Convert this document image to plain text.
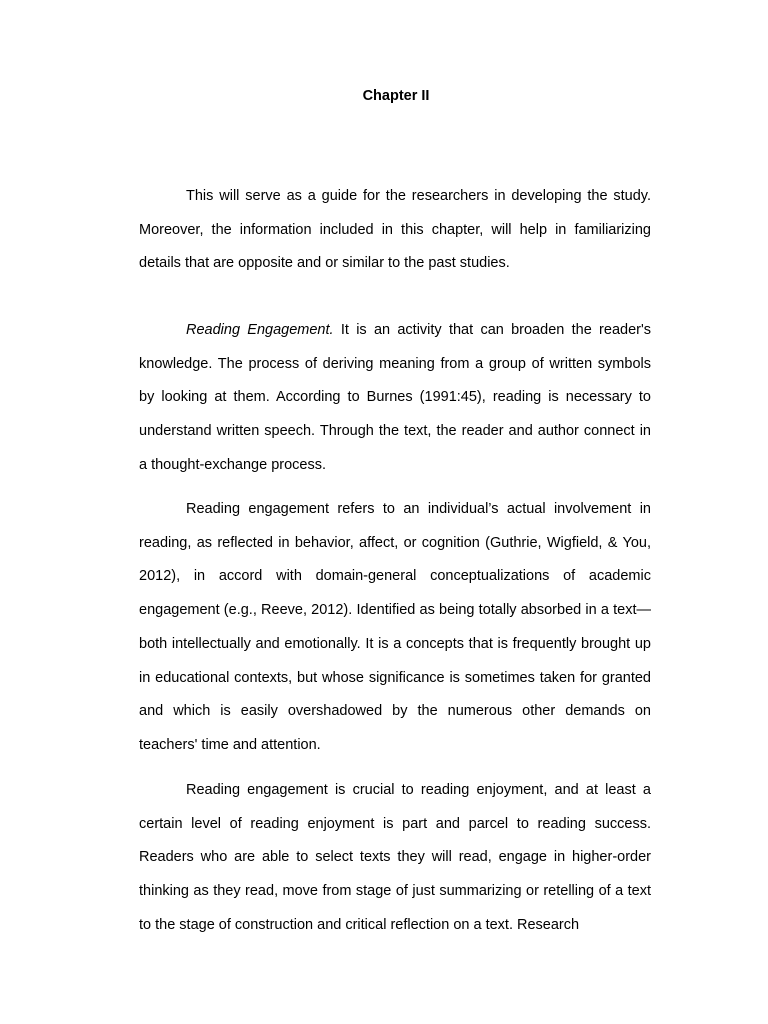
Chapter II

This will serve as a guide for the researchers in developing the study. Moreover, the information included in this chapter, will help in familiarizing details that are opposite and or similar to the past studies.

Reading Engagement. It is an activity that can broaden the reader's knowledge. The process of deriving meaning from a group of written symbols by looking at them. According to Burnes (1991:45), reading is necessary to understand written speech. Through the text, the reader and author connect in a thought-exchange process.

Reading engagement refers to an individual’s actual involvement in reading, as reflected in behavior, affect, or cognition (Guthrie, Wigfield, & You, 2012), in accord with domain-general conceptualizations of academic engagement (e.g., Reeve, 2012). Identified as being totally absorbed in a text—both intellectually and emotionally. It is a concepts that is frequently brought up in educational contexts, but whose significance is sometimes taken for granted and which is easily overshadowed by the numerous other demands on teachers' time and attention.

Reading engagement is crucial to reading enjoyment, and at least a certain level of reading enjoyment is part and parcel to reading success. Readers who are able to select texts they will read, engage in higher-order thinking as they read, move from stage of just summarizing or retelling of a text to the stage of construction and critical reflection on a text. Research
